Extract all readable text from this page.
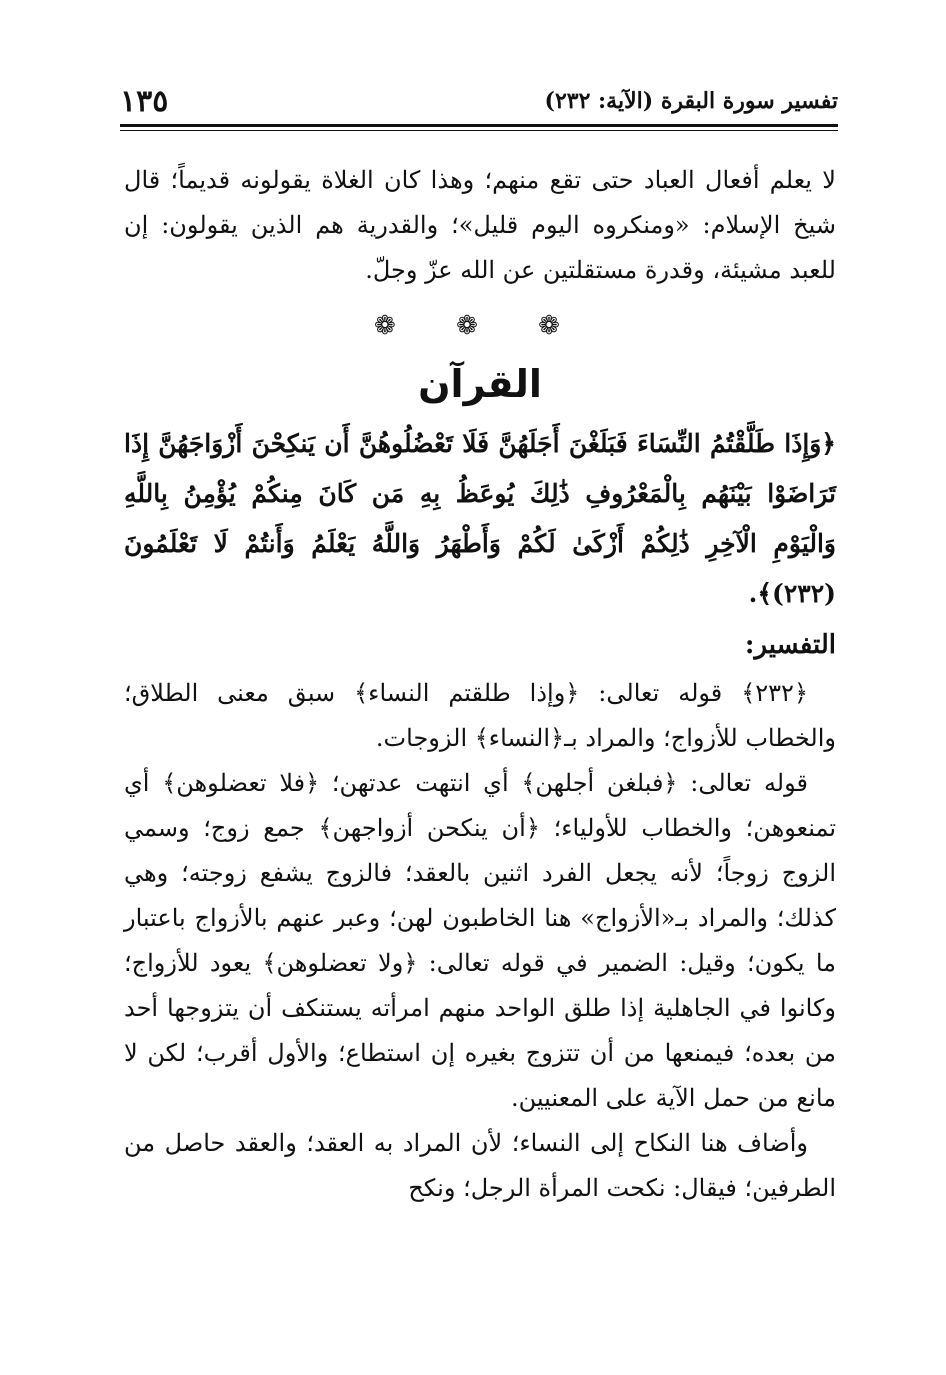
تفسير سورة البقرة (الآية: ٢٣٢)
١٣٥

لا يعلم أفعال العباد حتى تقع منهم؛ وهذا كان الغلاة يقولونه قديماً؛ قال شيخ الإسلام: «ومنكروه اليوم قليل»؛ والقدرية هم الذين يقولون: إن للعبد مشيئة، وقدرة مستقلتين عن الله عزّ وجلّ.

❁ ❁ ❁
القرآن

﴿وَإِذَا طَلَّقْتُمُ النِّسَاءَ فَبَلَغْنَ أَجَلَهُنَّ فَلَا تَعْضُلُوهُنَّ أَن يَنكِحْنَ أَزْوَاجَهُنَّ إِذَا تَرَاضَوْا بَيْنَهُم بِالْمَعْرُوفِ ذَٰلِكَ يُوعَظُ بِهِ مَن كَانَ مِنكُمْ يُؤْمِنُ بِاللَّهِ وَالْيَوْمِ الْآخِرِ ذَٰلِكُمْ أَزْكَىٰ لَكُمْ وَأَطْهَرُ وَاللَّهُ يَعْلَمُ وَأَنتُمْ لَا تَعْلَمُونَ (٢٣٢)﴾.

التفسير:

﴿٢٣٢﴾ قوله تعالى: ﴿وإذا طلقتم النساء﴾ سبق معنى الطلاق؛ والخطاب للأزواج؛ والمراد بـ﴿النساء﴾ الزوجات.

قوله تعالى: ﴿فبلغن أجلهن﴾ أي انتهت عدتهن؛ ﴿فلا تعضلوهن﴾ أي تمنعوهن؛ والخطاب للأولياء؛ ﴿أن ينكحن أزواجهن﴾ جمع زوج؛ وسمي الزوج زوجاً؛ لأنه يجعل الفرد اثنين بالعقد؛ فالزوج يشفع زوجته؛ وهي كذلك؛ والمراد بـ«الأزواج» هنا الخاطبون لهن؛ وعبر عنهم بالأزواج باعتبار ما يكون؛ وقيل: الضمير في قوله تعالى: ﴿ولا تعضلوهن﴾ يعود للأزواج؛ وكانوا في الجاهلية إذا طلق الواحد منهم امرأته يستنكف أن يتزوجها أحد من بعده؛ فيمنعها من أن تتزوج بغيره إن استطاع؛ والأول أقرب؛ لكن لا مانع من حمل الآية على المعنيين.

وأضاف هنا النكاح إلى النساء؛ لأن المراد به العقد؛ والعقد حاصل من الطرفين؛ فيقال: نكحت المرأة الرجل؛ ونكح
